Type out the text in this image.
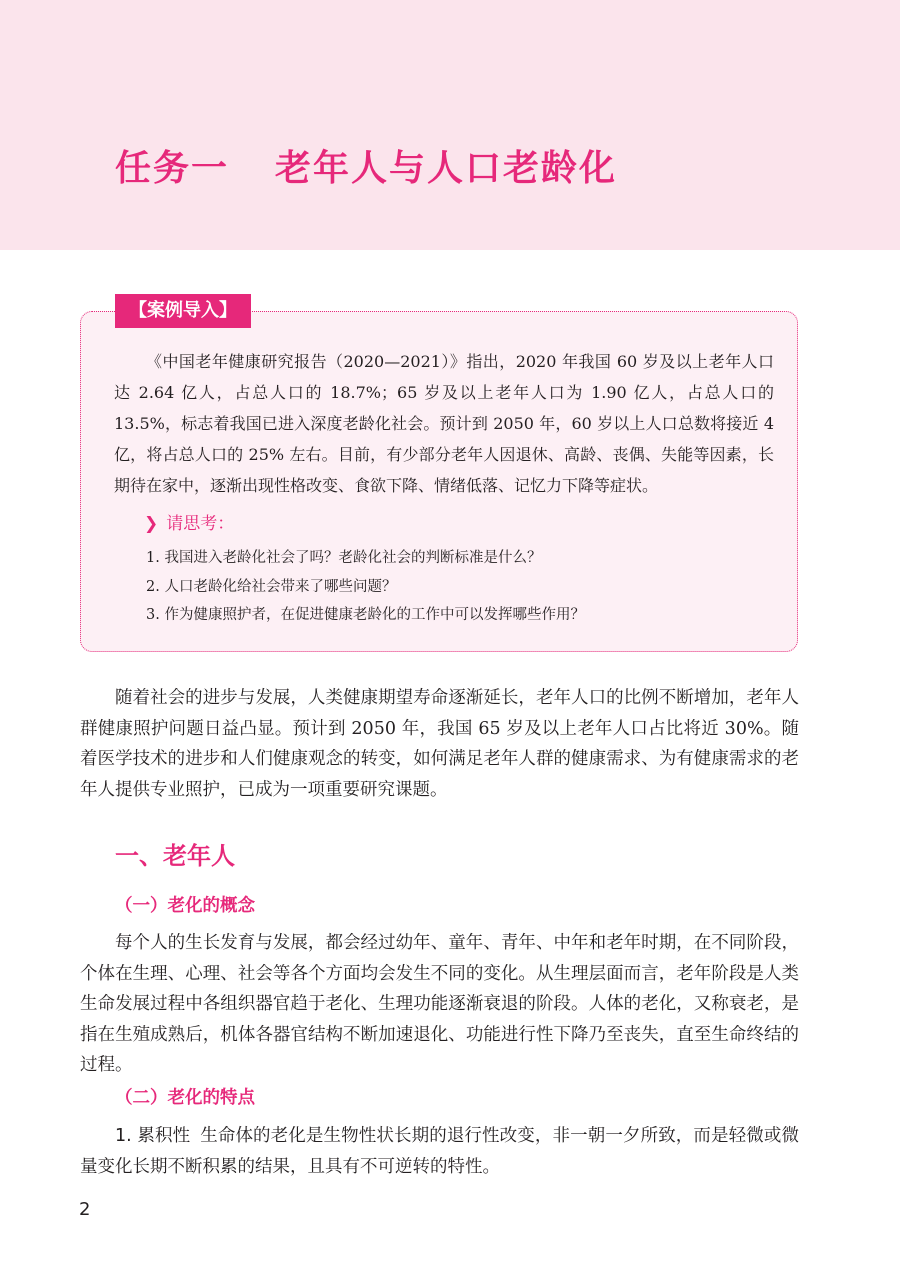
任务一 老年人与人口老龄化
【案例导入】

《中国老年健康研究报告（2020—2021）》指出，2020 年我国 60 岁及以上老年人口达 2.64 亿人，占总人口的 18.7%；65 岁及以上老年人口为 1.90 亿人，占总人口的 13.5%，标志着我国已进入深度老龄化社会。预计到 2050 年，60 岁以上人口总数将接近 4 亿，将占总人口的 25% 左右。目前，有少部分老年人因退休、高龄、丧偶、失能等因素，长期待在家中，逐渐出现性格改变、食欲下降、情绪低落、记忆力下降等症状。

❯ 请思考：

1. 我国进入老龄化社会了吗？老龄化社会的判断标准是什么？

2. 人口老龄化给社会带来了哪些问题？

3. 作为健康照护者，在促进健康老龄化的工作中可以发挥哪些作用？

随着社会的进步与发展，人类健康期望寿命逐渐延长，老年人口的比例不断增加，老年人群健康照护问题日益凸显。预计到 2050 年，我国 65 岁及以上老年人口占比将近 30%。随着医学技术的进步和人们健康观念的转变，如何满足老年人群的健康需求、为有健康需求的老年人提供专业照护，已成为一项重要研究课题。

一、老年人
（一）老化的概念

每个人的生长发育与发展，都会经过幼年、童年、青年、中年和老年时期，在不同阶段，个体在生理、心理、社会等各个方面均会发生不同的变化。从生理层面而言，老年阶段是人类生命发展过程中各组织器官趋于老化、生理功能逐渐衰退的阶段。人体的老化，又称衰老，是指在生殖成熟后，机体各器官结构不断加速退化、功能进行性下降乃至丧失，直至生命终结的过程。

（二）老化的特点

1. 累积性 生命体的老化是生物性状长期的退行性改变，非一朝一夕所致，而是轻微或微量变化长期不断积累的结果，且具有不可逆转的特性。

2
